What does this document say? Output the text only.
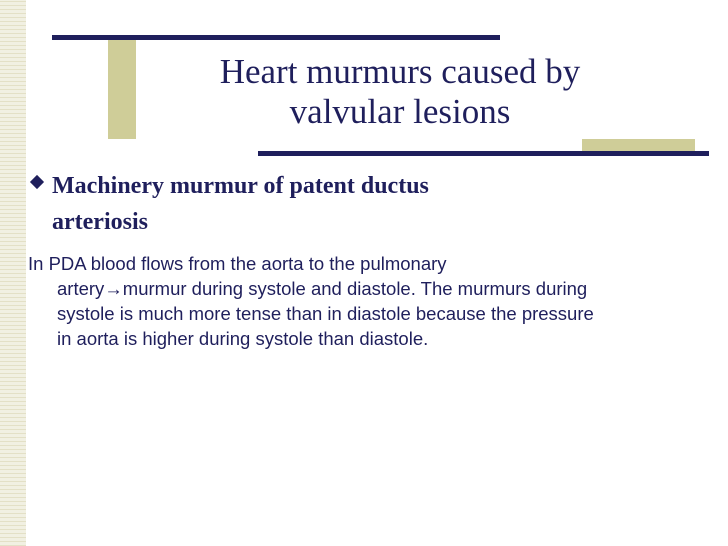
Heart murmurs caused by
valvular lesions
Machinery murmur of patent ductus
arteriosis
In PDA blood flows from the aorta to the pulmonary
artery→murmur during systole and diastole. The murmurs during
systole is much more tense than in diastole because the pressure
in aorta is higher during systole than diastole.
